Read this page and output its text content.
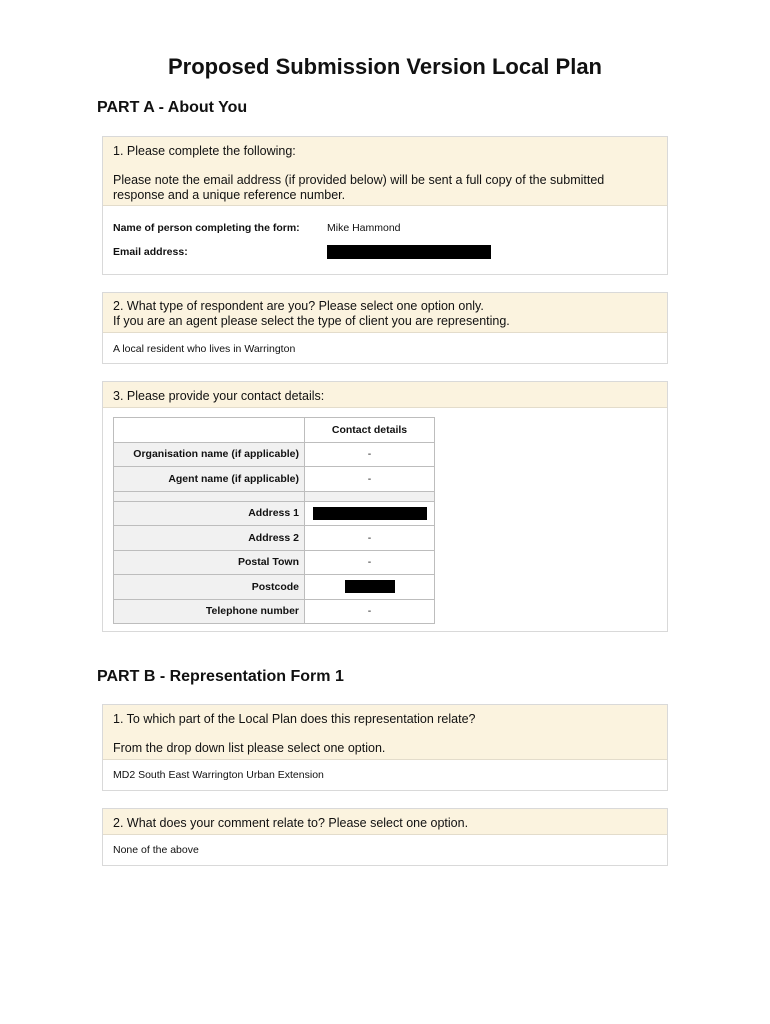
Proposed Submission Version Local Plan
PART A - About You

1. Please complete the following:

Please note the email address (if provided below) will be sent a full copy of the submitted response and a unique reference number.

Name of person completing the form:	Mike Hammond
Email address:

2. What type of respondent are you? Please select one option only.

If you are an agent please select the type of client you are representing.

A local resident who lives in Warrington

3. Please provide your contact details:

	Contact details
Organisation name (if applicable)	-
Agent name (if applicable)	-

Address 1	
Address 2	-
Postal Town	-
Postcode	
Telephone number	-
PART B - Representation Form 1

1. To which part of the Local Plan does this representation relate?

From the drop down list please select one option.

MD2 South East Warrington Urban Extension

2. What does your comment relate to? Please select one option.

None of the above
